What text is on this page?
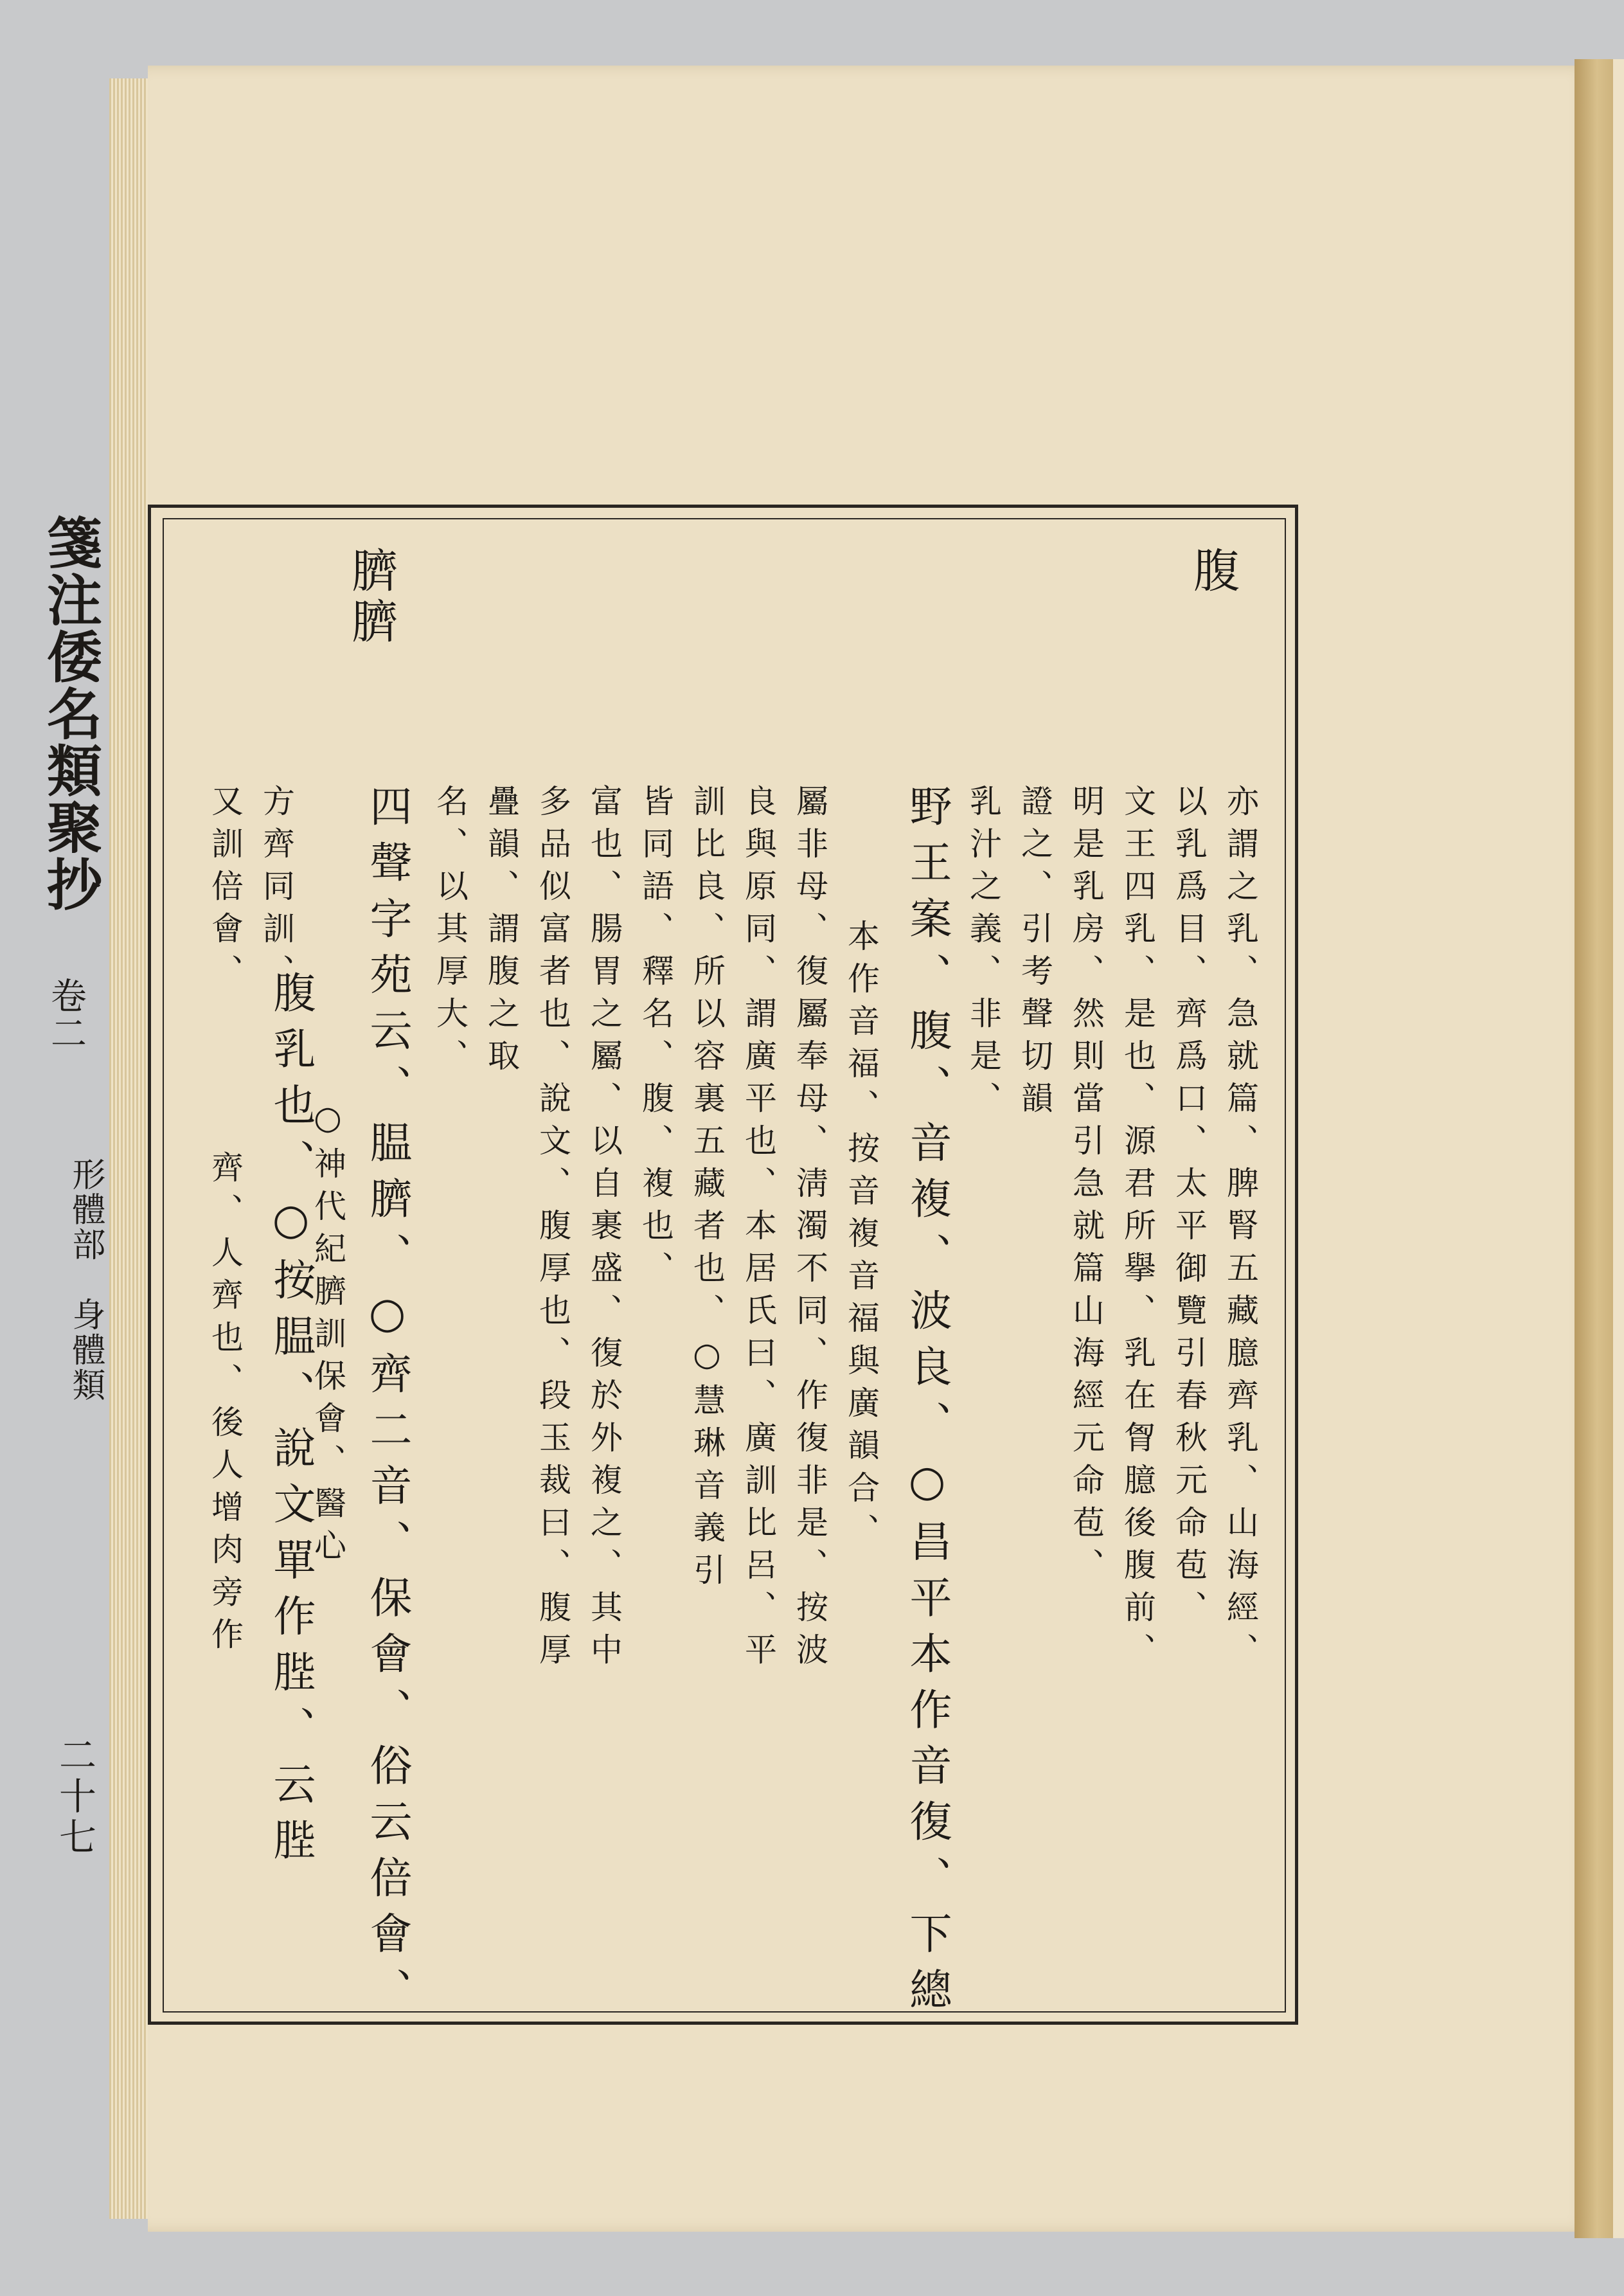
箋注倭名類聚抄
卷二
形體部　身體類
二十七

腹
臍臍
亦謂之乳、急就篇、脾腎五藏臆齊乳、山海經、
以乳爲目、齊爲口、太平御覽引春秋元命苞、
文王四乳、是也、源君所擧、乳在胷臆後腹前、
明是乳房、然則當引急就篇山海經元命苞、
證之、引考聲切韻
乳汁之義、非是、
野王案、腹、音複、波良、○昌平本作音復、下總
本作音福、按音複音福與廣韻合、
屬非母、復屬奉母、淸濁不同、作復非是、按波
良與原同、謂廣平也、本居氏曰、廣訓比呂、平
訓比良、所以容裏五藏者也、○慧琳音義引
皆同語、釋名、腹、複也、
富也、腸胃之屬、以自裹盛、復於外複之、其中
多品似富者也、說文、腹厚也、段玉裁曰、腹厚
疊韻、謂腹之取
名、以其厚大、
四聲字苑云、腽臍、○齊二音、保會、俗云倍會、
○神代紀臍訓保會、醫心
方齊同訓、
腹乳也、○按腽、說文單作䏶、云䏶
又訓倍會、
齊、人齊也、後人增肉旁作
